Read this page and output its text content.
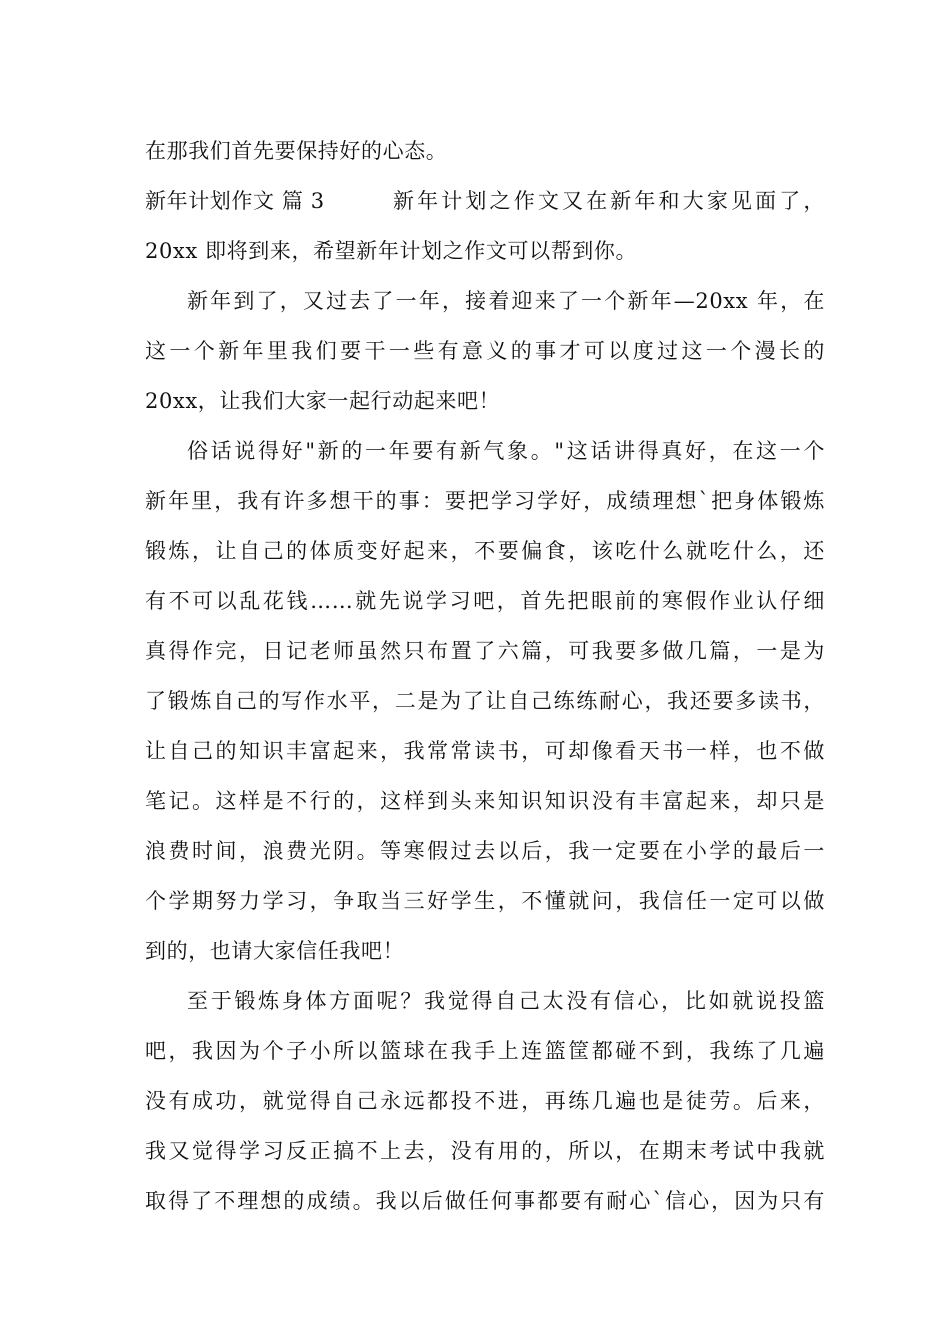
在那我们首先要保持好的心态。
新年计划作文 篇 3	新年计划之作文又在新年和大家见面了，
20xx 即将到来，希望新年计划之作文可以帮到你。
新年到了，又过去了一年，接着迎来了一个新年—20xx 年，在
这一个新年里我们要干一些有意义的事才可以度过这一个漫长的
20xx，让我们大家一起行动起来吧！
俗话说得好"新的一年要有新气象。"这话讲得真好，在这一个
新年里，我有许多想干的事：要把学习学好，成绩理想`把身体锻炼
锻炼，让自己的体质变好起来，不要偏食，该吃什么就吃什么，还
有不可以乱花钱……就先说学习吧，首先把眼前的寒假作业认仔细
真得作完，日记老师虽然只布置了六篇，可我要多做几篇，一是为
了锻炼自己的写作水平，二是为了让自己练练耐心，我还要多读书，
让自己的知识丰富起来，我常常读书，可却像看天书一样，也不做
笔记。这样是不行的，这样到头来知识知识没有丰富起来，却只是
浪费时间，浪费光阴。等寒假过去以后，我一定要在小学的最后一
个学期努力学习，争取当三好学生，不懂就问，我信任一定可以做
到的，也请大家信任我吧！
至于锻炼身体方面呢？我觉得自己太没有信心，比如就说投篮
吧，我因为个子小所以篮球在我手上连篮筐都碰不到，我练了几遍
没有成功，就觉得自己永远都投不进，再练几遍也是徒劳。后来，
我又觉得学习反正搞不上去，没有用的，所以，在期末考试中我就
取得了不理想的成绩。我以后做任何事都要有耐心`信心，因为只有
